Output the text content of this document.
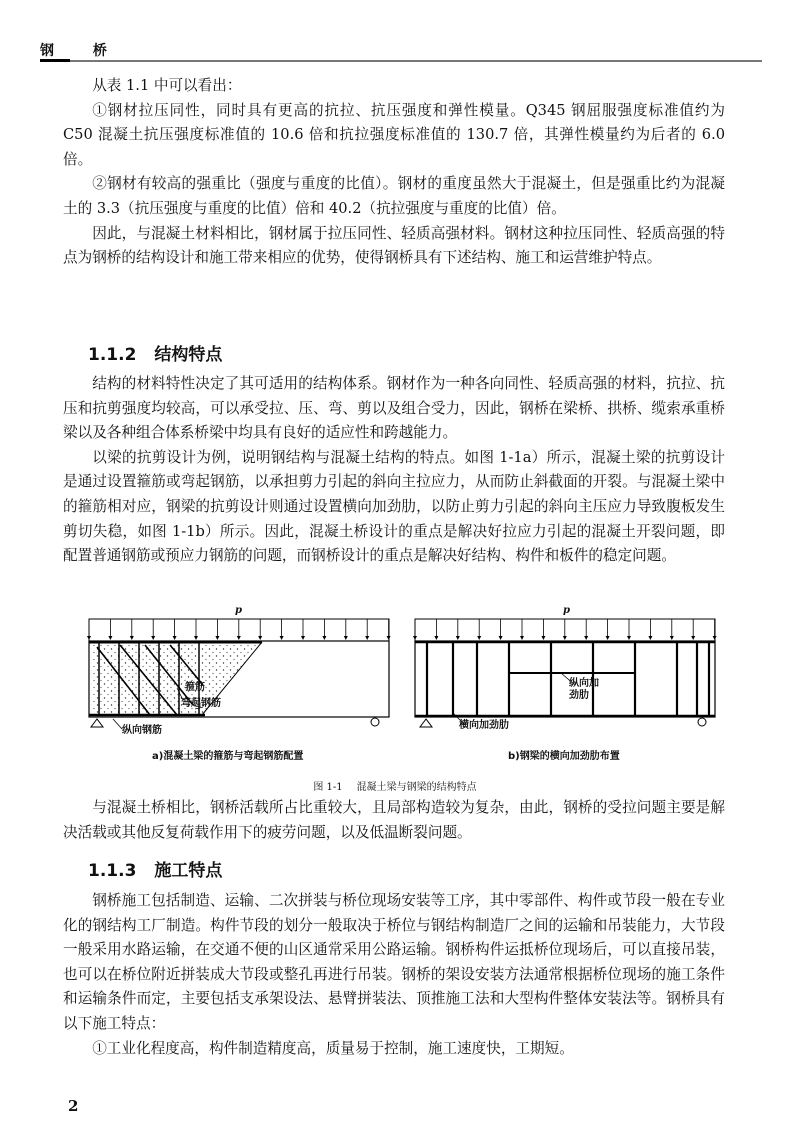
钢 桥

从表 1.1 中可以看出：

①钢材拉压同性，同时具有更高的抗拉、抗压强度和弹性模量。Q345 钢屈服强度标准值约为 C50 混凝土抗压强度标准值的 10.6 倍和抗拉强度标准值的 130.7 倍，其弹性模量约为后者的 6.0 倍。

②钢材有较高的强重比（强度与重度的比值）。钢材的重度虽然大于混凝土，但是强重比约为混凝土的 3.3（抗压强度与重度的比值）倍和 40.2（抗拉强度与重度的比值）倍。

因此，与混凝土材料相比，钢材属于拉压同性、轻质高强材料。钢材这种拉压同性、轻质高强的特点为钢桥的结构设计和施工带来相应的优势，使得钢桥具有下述结构、施工和运营维护特点。

1.1.2 结构特点

结构的材料特性决定了其可适用的结构体系。钢材作为一种各向同性、轻质高强的材料，抗拉、抗压和抗剪强度均较高，可以承受拉、压、弯、剪以及组合受力，因此，钢桥在梁桥、拱桥、缆索承重桥梁以及各种组合体系桥梁中均具有良好的适应性和跨越能力。

以梁的抗剪设计为例，说明钢结构与混凝土结构的特点。如图 1-1a）所示，混凝土梁的抗剪设计是通过设置箍筋或弯起钢筋，以承担剪力引起的斜向主拉应力，从而防止斜截面的开裂。与混凝土梁中的箍筋相对应，钢梁的抗剪设计则通过设置横向加劲肋，以防止剪力引起的斜向主压应力导致腹板发生剪切失稳，如图 1-1b）所示。因此，混凝土桥设计的重点是解决好拉应力引起的混凝土开裂问题，即配置普通钢筋或预应力钢筋的问题，而钢桥设计的重点是解决好结构、构件和板件的稳定问题。

p	p
箍筋
弯起钢筋
纵向钢筋
纵向加
劲肋
横向加劲肋
a)混凝土梁的箍筋与弯起钢筋配置	b)钢梁的横向加劲肋布置
图 1-1 混凝土梁与钢梁的结构特点

与混凝土桥相比，钢桥活载所占比重较大，且局部构造较为复杂，由此，钢桥的受拉问题主要是解决活载或其他反复荷载作用下的疲劳问题，以及低温断裂问题。

1.1.3 施工特点

钢桥施工包括制造、运输、二次拼装与桥位现场安装等工序，其中零部件、构件或节段一般在专业化的钢结构工厂制造。构件节段的划分一般取决于桥位与钢结构制造厂之间的运输和吊装能力，大节段一般采用水路运输，在交通不便的山区通常采用公路运输。钢桥构件运抵桥位现场后，可以直接吊装，也可以在桥位附近拼装成大节段或整孔再进行吊装。钢桥的架设安装方法通常根据桥位现场的施工条件和运输条件而定，主要包括支承架设法、悬臂拼装法、顶推施工法和大型构件整体安装法等。钢桥具有以下施工特点：

①工业化程度高，构件制造精度高，质量易于控制，施工速度快，工期短。

2
